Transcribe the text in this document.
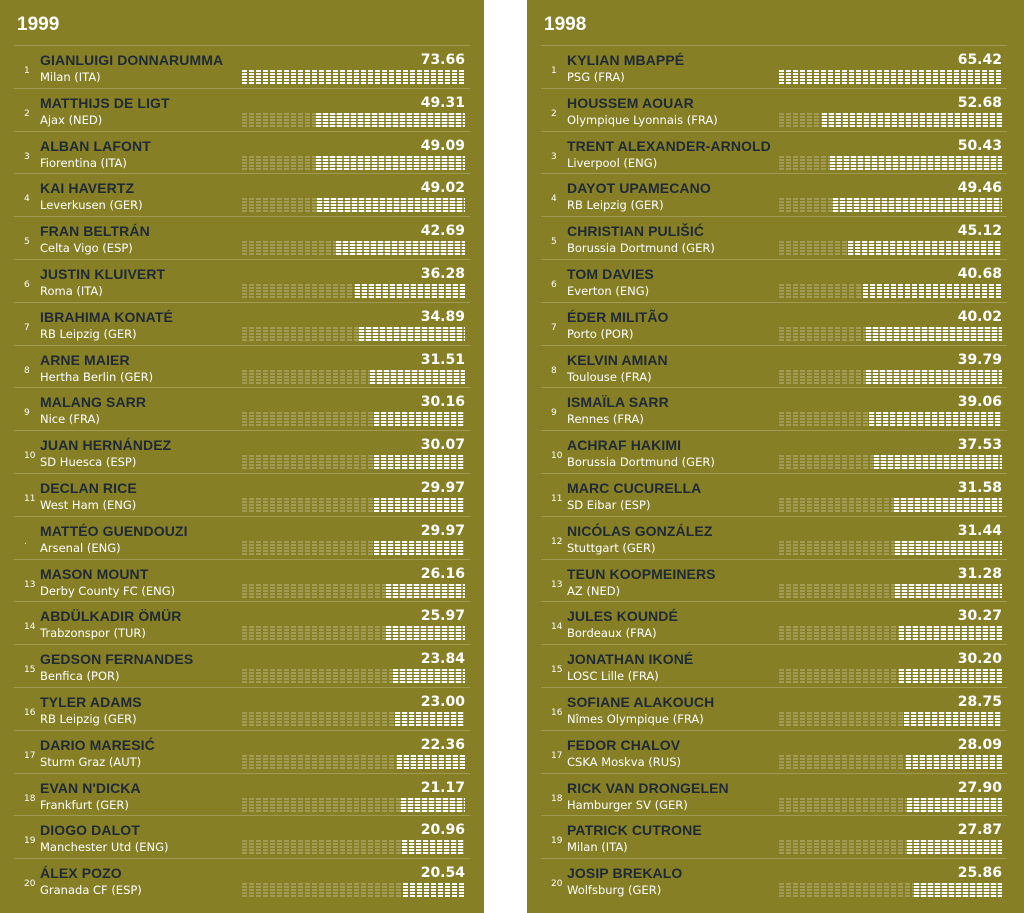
1999
1
GIANLUIGI DONNARUMMA
Milan (ITA)
73.66
2
MATTHIJS DE LIGT
Ajax (NED)
49.31
3
ALBAN LAFONT
Fiorentina (ITA)
49.09
4
KAI HAVERTZ
Leverkusen (GER)
49.02
5
FRAN BELTRÁN
Celta Vigo (ESP)
42.69
6
JUSTIN KLUIVERT
Roma (ITA)
36.28
7
IBRAHIMA KONATÉ
RB Leipzig (GER)
34.89
8
ARNE MAIER
Hertha Berlin (GER)
31.51
9
MALANG SARR
Nice (FRA)
30.16
10
JUAN HERNÁNDEZ
SD Huesca (ESP)
30.07
11
DECLAN RICE
West Ham (ENG)
29.97
.
MATTÉO GUENDOUZI
Arsenal (ENG)
29.97
13
MASON MOUNT
Derby County FC (ENG)
26.16
14
ABDÜLKADIR ÖMÜR
Trabzonspor (TUR)
25.97
15
GEDSON FERNANDES
Benfica (POR)
23.84
16
TYLER ADAMS
RB Leipzig (GER)
23.00
17
DARIO MARESIĆ
Sturm Graz (AUT)
22.36
18
EVAN N'DICKA
Frankfurt (GER)
21.17
19
DIOGO DALOT
Manchester Utd (ENG)
20.96
20
ÁLEX POZO
Granada CF (ESP)
20.54
1998
1
KYLIAN MBAPPÉ
PSG (FRA)
65.42
2
HOUSSEM AOUAR
Olympique Lyonnais (FRA)
52.68
3
TRENT ALEXANDER-ARNOLD
Liverpool (ENG)
50.43
4
DAYOT UPAMECANO
RB Leipzig (GER)
49.46
5
CHRISTIAN PULIŠIĆ
Borussia Dortmund (GER)
45.12
6
TOM DAVIES
Everton (ENG)
40.68
7
ÉDER MILITÃO
Porto (POR)
40.02
8
KELVIN AMIAN
Toulouse (FRA)
39.79
9
ISMAÏLA SARR
Rennes (FRA)
39.06
10
ACHRAF HAKIMI
Borussia Dortmund (GER)
37.53
11
MARC CUCURELLA
SD Eibar (ESP)
31.58
12
NICÓLAS GONZÁLEZ
Stuttgart (GER)
31.44
13
TEUN KOOPMEINERS
AZ (NED)
31.28
14
JULES KOUNDÉ
Bordeaux (FRA)
30.27
15
JONATHAN IKONÉ
LOSC Lille (FRA)
30.20
16
SOFIANE ALAKOUCH
Nîmes Olympique (FRA)
28.75
17
FEDOR CHALOV
CSKA Moskva (RUS)
28.09
18
RICK VAN DRONGELEN
Hamburger SV (GER)
27.90
19
PATRICK CUTRONE
Milan (ITA)
27.87
20
JOSIP BREKALO
Wolfsburg (GER)
25.86
